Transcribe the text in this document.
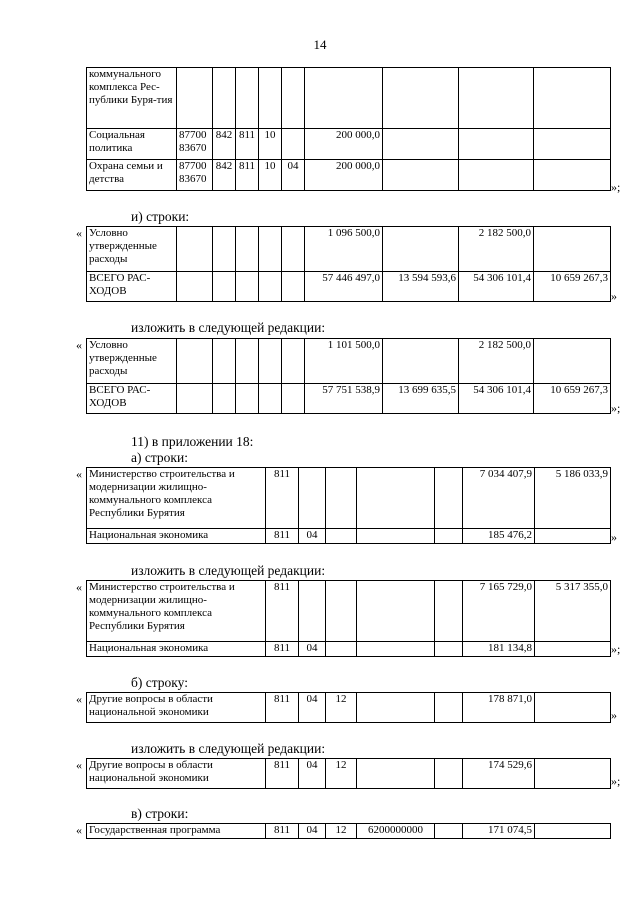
14
коммунального комплекса Рес-публики Буря-тия									
Социальная политика	87700 83670	842	811	10		200 000,0			
Охрана семьи и детства	87700 83670	842	811	10	04	200 000,0			
»;
и) строки:
« Условно утвержденные расходы						1 096 500,0		2 182 500,0	
ВСЕГО РАС-ХОДОВ						57 446 497,0	13 594 593,6	54 306 101,4	10 659 267,3
»
изложить в следующей редакции:
« Условно утвержденные расходы						1 101 500,0		2 182 500,0	
ВСЕГО РАС-ХОДОВ						57 751 538,9	13 699 635,5	54 306 101,4	10 659 267,3
»;
11) в приложении 18:
а) строки:
« Министерство строительства и модернизации жилищно-коммунального комплекса Республики Бурятия	811					7 034 407,9	5 186 033,9
Национальная экономика	811	04				185 476,2		»
изложить в следующей редакции:
« Министерство строительства и модернизации жилищно-коммунального комплекса Республики Бурятия	811					7 165 729,0	5 317 355,0
Национальная экономика	811	04				181 134,8		»;
б) строку:
« Другие вопросы в области национальной экономики	811	04	12			178 871,0	
»
изложить в следующей редакции:
« Другие вопросы в области национальной экономики	811	04	12			174 529,6	
»;
в) строки:
« Государственная программа	811	04	12	6200000000		171 074,5	
